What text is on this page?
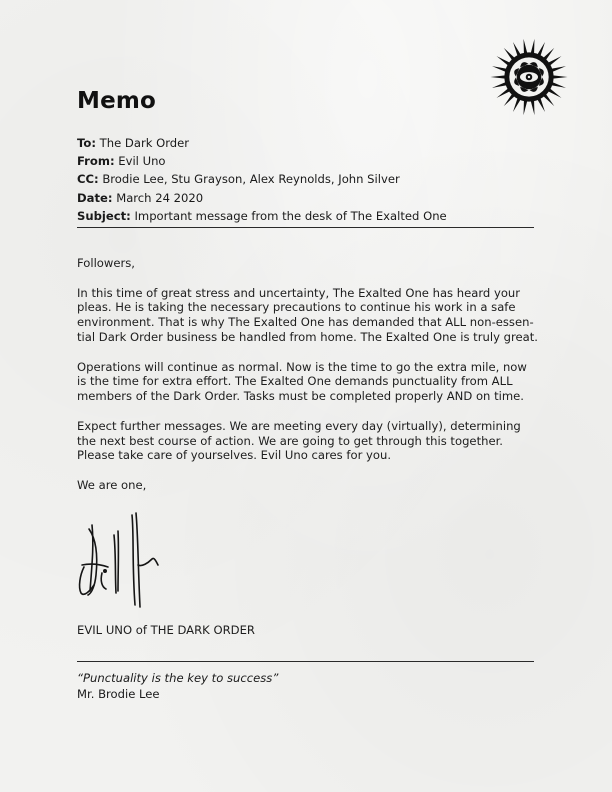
Memo
To: The Dark Order
From: Evil Uno
CC: Brodie Lee, Stu Grayson, Alex Reynolds, John Silver
Date: March 24 2020
Subject: Important message from the desk of The Exalted One

Followers,

In this time of great stress and uncertainty, The Exalted One has heard your pleas. He is taking the necessary precautions to continue his work in a safe environment. That is why The Exalted One has demanded that ALL non-essen-tial Dark Order business be handled from home. The Exalted One is truly great.

Operations will continue as normal. Now is the time to go the extra mile, now is the time for extra effort. The Exalted One demands punctuality from ALL members of the Dark Order. Tasks must be completed properly AND on time.

Expect further messages. We are meeting every day (virtually), determining the next best course of action. We are going to get through this together. Please take care of yourselves. Evil Uno cares for you.

We are one,

EVIL UNO of THE DARK ORDER
“Punctuality is the key to success”
Mr. Brodie Lee
